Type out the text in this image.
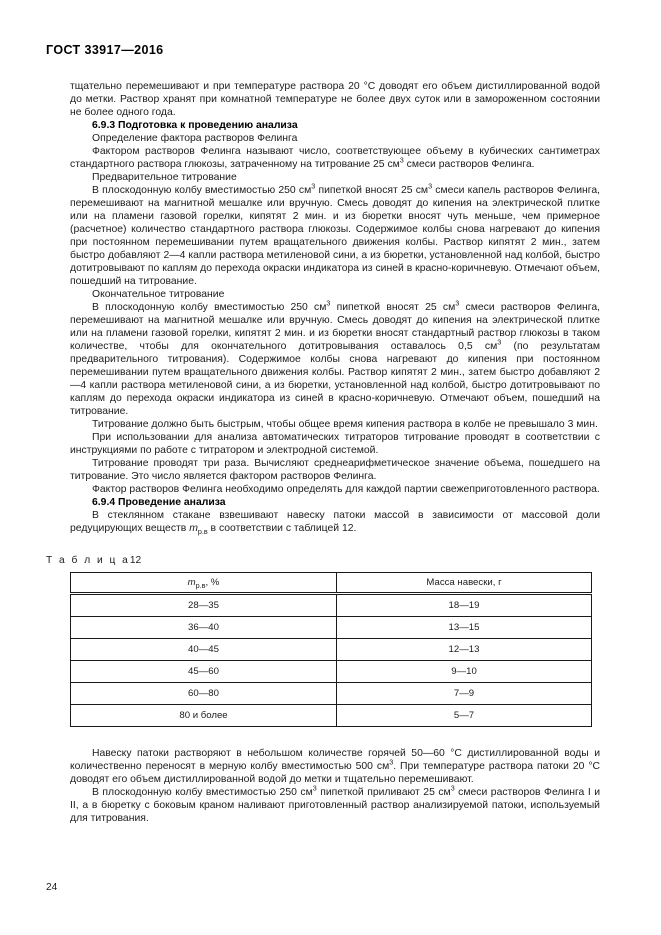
ГОСТ 33917—2016

тщательно перемешивают и при температуре раствора 20 °С доводят его объем дистиллированной водой до метки. Раствор хранят при комнатной температуре не более двух суток или в замороженном состоянии не более одного года.

6.9.3 Подготовка к проведению анализа

Определение фактора растворов Фелинга

Фактором растворов Фелинга называют число, соответствующее объему в кубических сантиметрах стандартного раствора глюкозы, затраченному на титрование 25 $см^3$ смеси растворов Фелинга.

Предварительное титрование

В плоскодонную колбу вместимостью 250 $см^3$ пипеткой вносят 25 $см^3$ смеси капель растворов Фелинга, перемешивают на магнитной мешалке или вручную. Смесь доводят до кипения на электрической плитке или на пламени газовой горелки, кипятят 2 мин. и из бюретки вносят чуть меньше, чем примерное (расчетное) количество стандартного раствора глюкозы. Содержимое колбы снова нагревают до кипения при постоянном перемешивании путем вращательного движения колбы. Раствор кипятят 2 мин., затем быстро добавляют 2—4 капли раствора метиленовой сини, а из бюретки, установленной над колбой, быстро дотитровывают по каплям до перехода окраски индикатора из синей в красно-коричневую. Отмечают объем, пошедший на титрование.

Окончательное титрование

В плоскодонную колбу вместимостью 250 $см^3$ пипеткой вносят 25 $см^3$ смеси растворов Фелинга, перемешивают на магнитной мешалке или вручную. Смесь доводят до кипения на электрической плитке или на пламени газовой горелки, кипятят 2 мин. и из бюретки вносят стандартный раствор глюкозы в таком количестве, чтобы для окончательного дотитровывания оставалось 0,5 $см^3$ (по результатам предварительного титрования). Содержимое колбы снова нагревают до кипения при постоянном перемешивании путем вращательного движения колбы. Раствор кипятят 2 мин., затем быстро добавляют 2—4 капли раствора метиленовой сини, а из бюретки, установленной над колбой, быстро дотитровывают по каплям до перехода окраски индикатора из синей в красно-коричневую. Отмечают объем, пошедший на титрование.

Титрование должно быть быстрым, чтобы общее время кипения раствора в колбе не превышало 3 мин.

При использовании для анализа автоматических титраторов титрование проводят в соответствии с инструкциями по работе с титратором и электродной системой.

Титрование проводят три раза. Вычисляют среднеарифметическое значение объема, пошедшего на титрование. Это число является фактором растворов Фелинга.

Фактор растворов Фелинга необходимо определять для каждой партии свежеприготовленного раствора.

6.9.4 Проведение анализа

В стеклянном стакане взвешивают навеску патоки массой в зависимости от массовой доли редуцирующих веществ $m_{р.в}$ в соответствии с таблицей 12.

Т а б л и ц а12
$m_{р.в}$, %	Масса навески, г
28—35	18—19
36—40	13—15
40—45	12—13
45—60	9—10
60—80	7—9
80 и более	5—7

Навеску патоки растворяют в небольшом количестве горячей 50—60 °С дистиллированной воды и количественно переносят в мерную колбу вместимостью 500 $см^3$. При температуре раствора патоки 20 °С доводят его объем дистиллированной водой до метки и тщательно перемешивают.

В плоскодонную колбу вместимостью 250 $см^3$ пипеткой приливают 25 $см^3$ смеси растворов Фелинга I и II, а в бюретку с боковым краном наливают приготовленный раствор анализируемой патоки, используемый для титрования.

24
